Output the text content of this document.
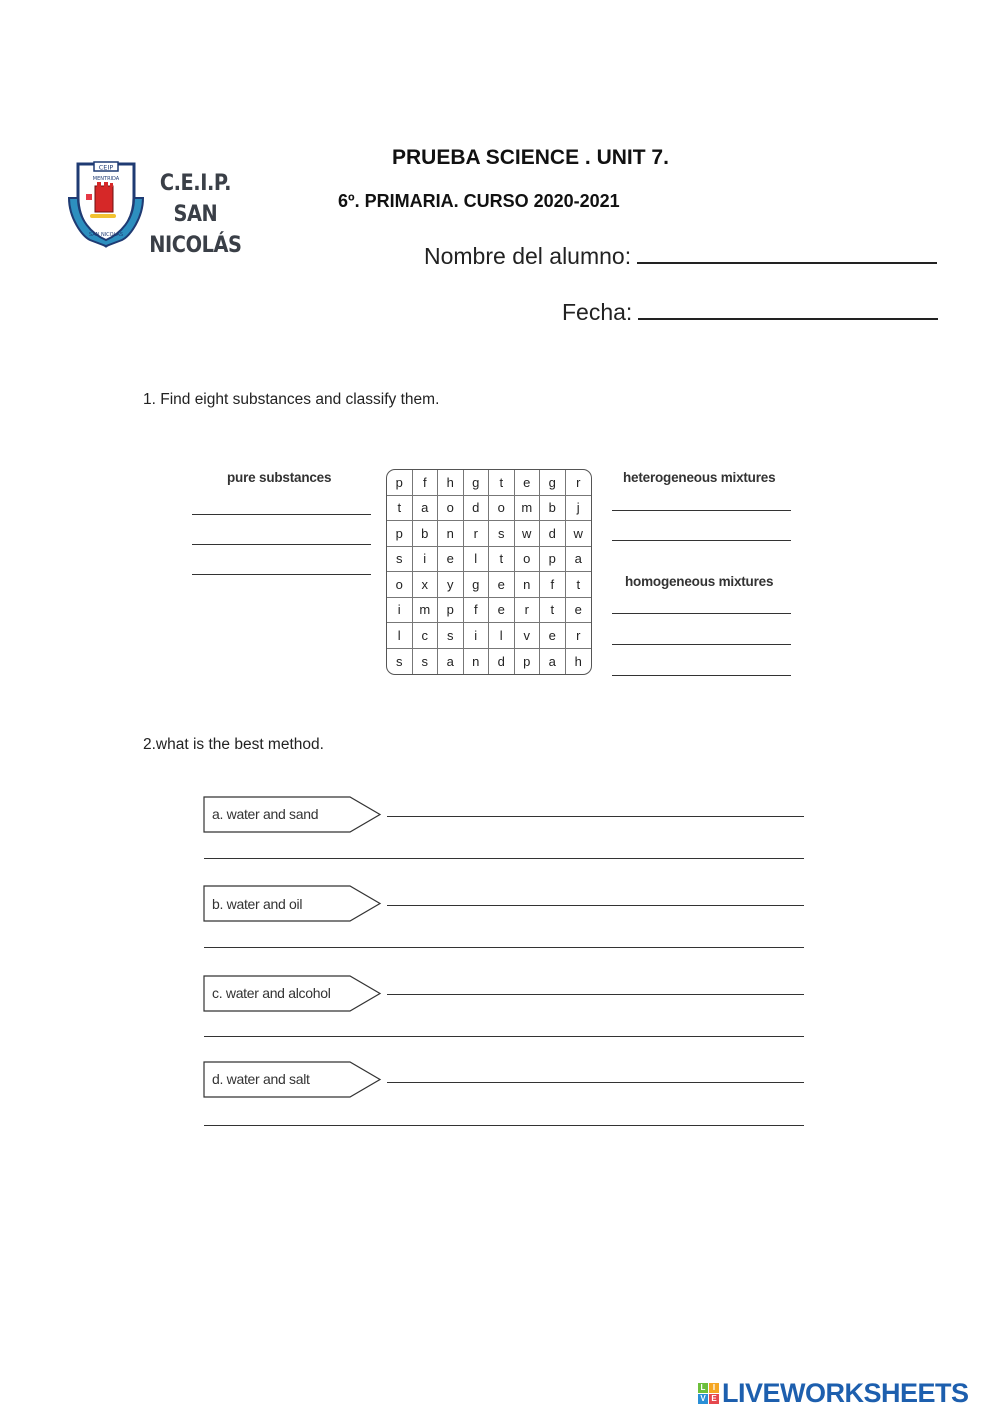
CEIP
MENTRIDA
SAN NICOLAS
C.E.I.P.
SAN NICOLÁS
PRUEBA SCIENCE . UNIT 7.
6º. PRIMARIA. CURSO 2020-2021
Nombre del alumno:
Fecha:
1. Find eight substances and classify them.
pure substances	p	f	h	g	t	e	g	r
t	a	o	d	o	m	b	j
p	b	n	r	s	w	d	w
s	i	e	l	t	o	p	a
o	x	y	g	e	n	f	t
i	m	p	f	e	r	t	e
l	c	s	i	l	v	e	r
s	s	a	n	d	p	a	h
heterogeneous mixtures
homogeneous mixtures
2.what is the best method.
a. water and sand
b. water and oil
c. water and alcohol
d. water and salt
L I
V E LIVEWORKSHEETS
